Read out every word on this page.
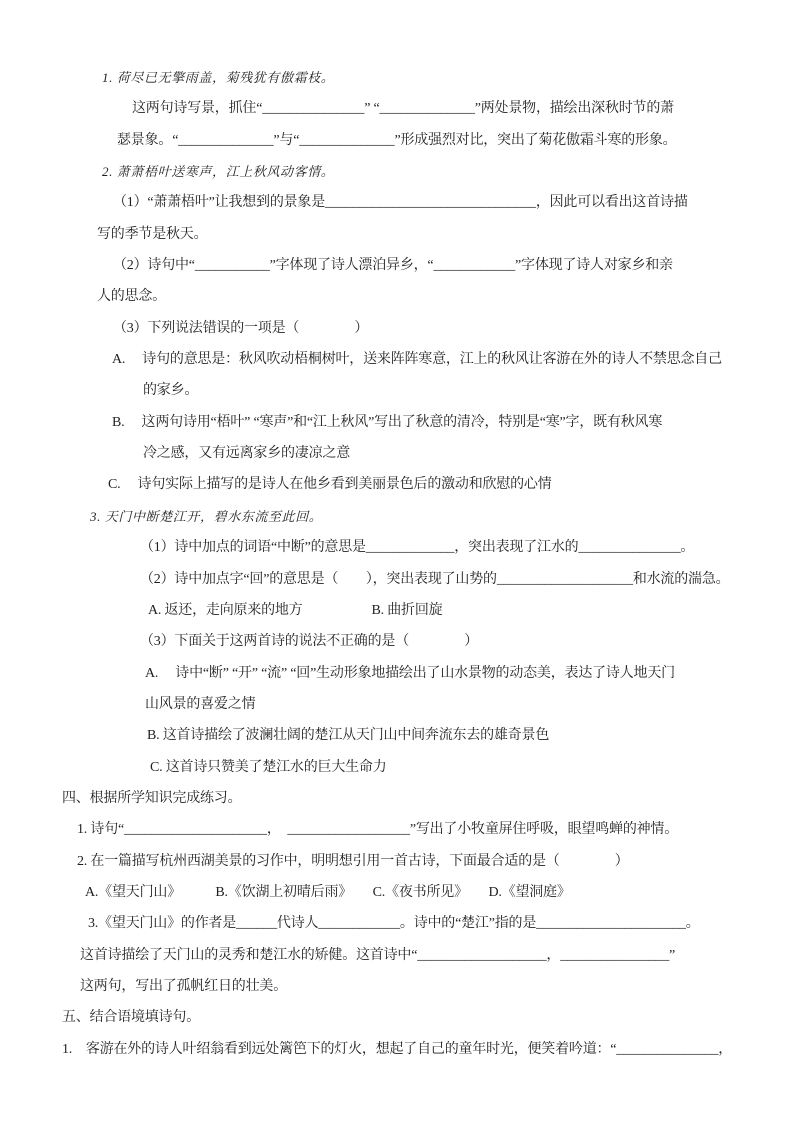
1. 荷尽已无擎雨盖，菊残犹有傲霜枝。
这两句诗写景，抓住“_______________” “______________”两处景物，描绘出深秋时节的萧
瑟景象。“______________”与“______________”形成强烈对比，突出了菊花傲霜斗寒的形象。
2. 萧萧梧叶送寒声，江上秋风动客情。
（1）“萧萧梧叶”让我想到的景象是_______________________________，因此可以看出这首诗描
写的季节是秋天。
（2）诗句中“___________”字体现了诗人漂泊异乡，“____________”字体现了诗人对家乡和亲
人的思念。
（3）下列说法错误的一项是（　　　　）
A.　 诗句的意思是：秋风吹动梧桐树叶，送来阵阵寒意，江上的秋风让客游在外的诗人不禁思念自己
的家乡。
B.　 这两句诗用“梧叶” “寒声”和“江上秋风”写出了秋意的清冷，特别是“寒”字，既有秋风寒
冷之感，又有远离家乡的凄凉之意
C.　 诗句实际上描写的是诗人在他乡看到美丽景色后的激动和欣慰的心情
3. 天门中断楚江开，碧水东流至此回。
（1）诗中加点的词语“中断”的意思是_____________，突出表现了江水的_______________。
（2）诗中加点字“回”的意思是（　　），突出表现了山势的____________________和水流的湍急。
A. 返还，走向原来的地方　　　　　B. 曲折回旋
（3）下面关于这两首诗的说法不正确的是（　　　　）
A.　 诗中“断” “开” “流” “回”生动形象地描绘出了山水景物的动态美，表达了诗人地天门
山风景的喜爱之情
B. 这首诗描绘了波澜壮阔的楚江从天门山中间奔流东去的雄奇景色
C. 这首诗只赞美了楚江水的巨大生命力
四、根据所学知识完成练习。
1. 诗句“_____________________，　__________________”写出了小牧童屏住呼吸，眼望鸣蝉的神情。
2. 在一篇描写杭州西湖美景的习作中，明明想引用一首古诗，下面最合适的是（　　　　）
A.《望天门山》　　　B.《饮湖上初晴后雨》　　C.《夜书所见》　　D.《望洞庭》
3.《望天门山》的作者是______代诗人____________。诗中的“楚江”指的是______________________。
这首诗描绘了天门山的灵秀和楚江水的矫健。这首诗中“___________________，________________”
这两句，写出了孤帆红日的壮美。
五、结合语境填诗句。
1.　客游在外的诗人叶绍翁看到远处篱笆下的灯火，想起了自己的童年时光，便笑着吟道：“_______________，
